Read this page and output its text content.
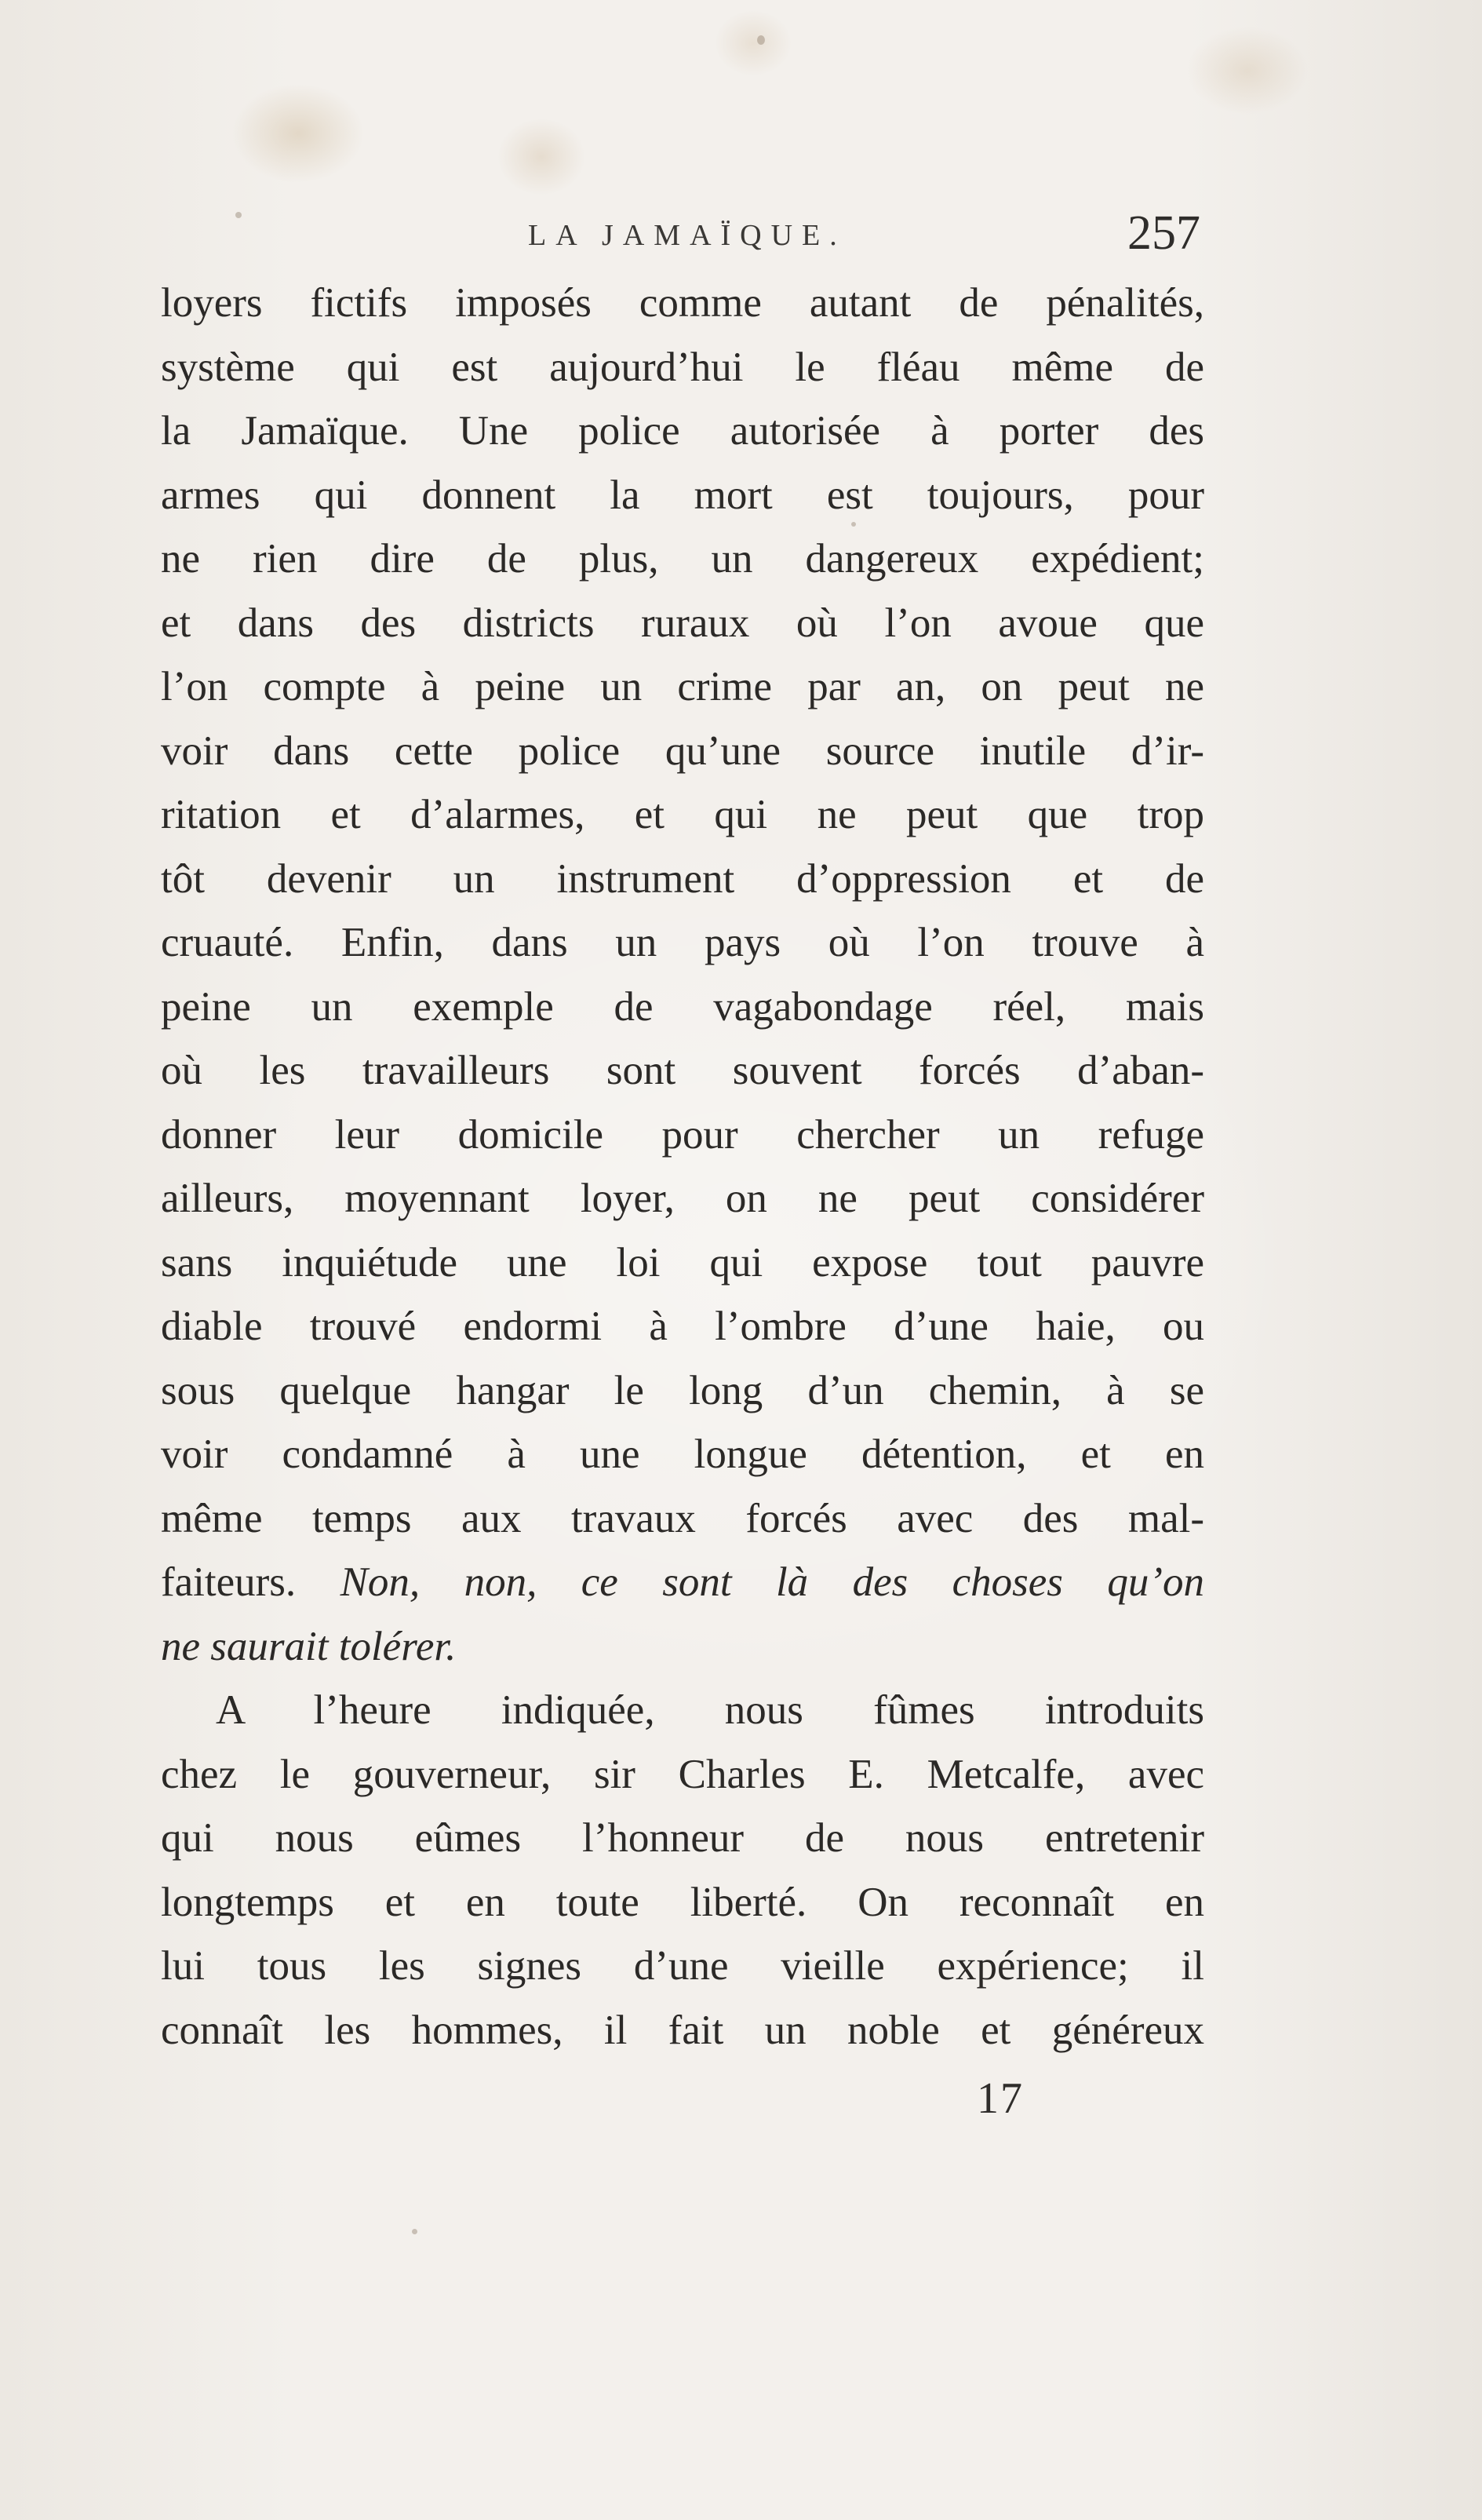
LA JAMAÏQUE.	257
loyers fictifs imposés comme autant de pénalités,
système qui est aujourd’hui le fléau même de
la Jamaïque. Une police autorisée à porter des
armes qui donnent la mort est toujours, pour
ne rien dire de plus, un dangereux expédient;
et dans des districts ruraux où l’on avoue que
l’on compte à peine un crime par an, on peut ne
voir dans cette police qu’une source inutile d’ir-
ritation et d’alarmes, et qui ne peut que trop
tôt devenir un instrument d’oppression et de
cruauté. Enfin, dans un pays où l’on trouve à
peine un exemple de vagabondage réel, mais
où les travailleurs sont souvent forcés d’aban-
donner leur domicile pour chercher un refuge
ailleurs, moyennant loyer, on ne peut considérer
sans inquiétude une loi qui expose tout pauvre
diable trouvé endormi à l’ombre d’une haie, ou
sous quelque hangar le long d’un chemin, à se
voir condamné à une longue détention, et en
même temps aux travaux forcés avec des mal-
faiteurs. Non, non, ce sont là des choses qu’on
ne saurait tolérer.
A l’heure indiquée, nous fûmes introduits
chez le gouverneur, sir Charles E. Metcalfe, avec
qui nous eûmes l’honneur de nous entretenir
longtemps et en toute liberté. On reconnaît en
lui tous les signes d’une vieille expérience; il
connaît les hommes, il fait un noble et généreux
17
